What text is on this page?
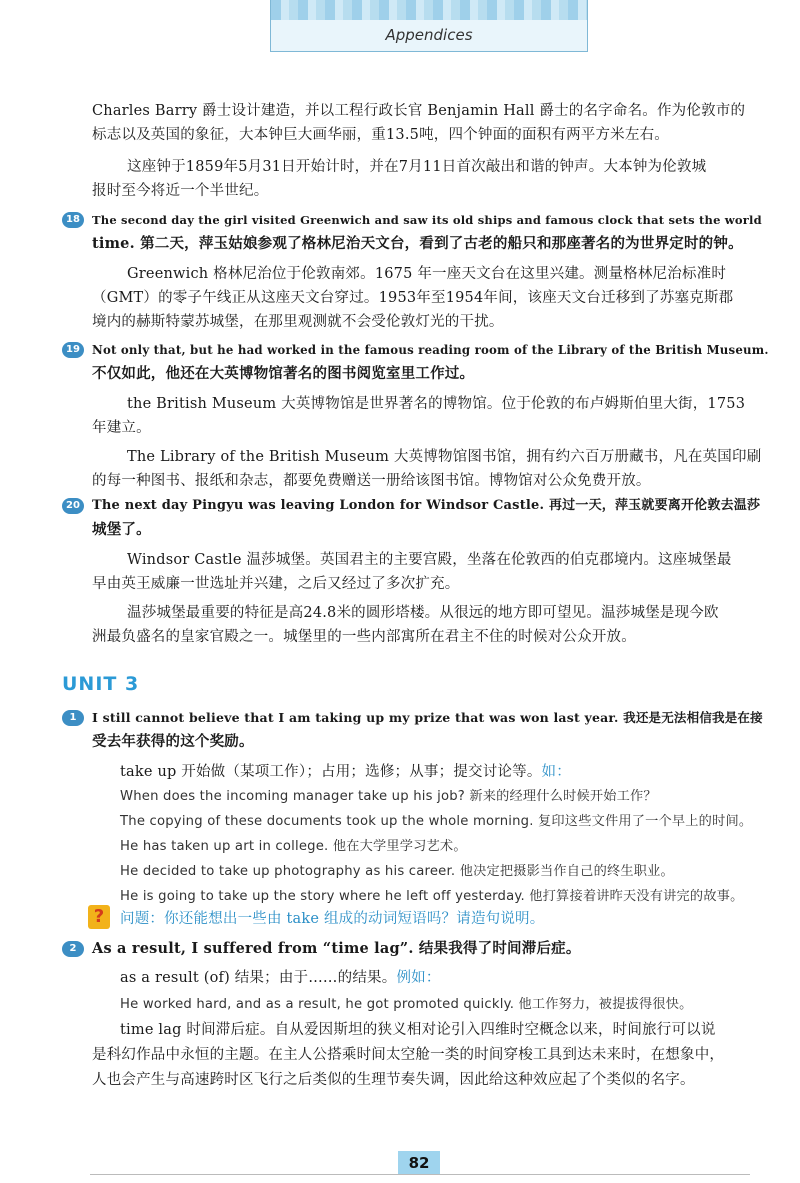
Appendices
Charles Barry 爵士设计建造，并以工程行政长官 Benjamin Hall 爵士的名字命名。作为伦敦市的
标志以及英国的象征，大本钟巨大画华丽，重13.5吨，四个钟面的面积有两平方米左右。
这座钟于1859年5月31日开始计时，并在7月11日首次敲出和谐的钟声。大本钟为伦敦城
报时至今将近一个半世纪。
18	The second day the girl visited Greenwich and saw its old ships and famous clock that sets the world
time. 第二天，萍玉姑娘参观了格林尼治天文台，看到了古老的船只和那座著名的为世界定时的钟。
Greenwich 格林尼治位于伦敦南郊。1675 年一座天文台在这里兴建。测量格林尼治标准时
（GMT）的零子午线正从这座天文台穿过。1953年至1954年间，该座天文台迁移到了苏塞克斯郡
境内的赫斯特蒙苏城堡，在那里观测就不会受伦敦灯光的干扰。
19	Not only that, but he had worked in the famous reading room of the Library of the British Museum.
不仅如此，他还在大英博物馆著名的图书阅览室里工作过。
the British Museum 大英博物馆是世界著名的博物馆。位于伦敦的布卢姆斯伯里大街，1753
年建立。
The Library of the British Museum 大英博物馆图书馆，拥有约六百万册藏书，凡在英国印刷
的每一种图书、报纸和杂志，都要免费赠送一册给该图书馆。博物馆对公众免费开放。
20 The next day Pingyu was leaving London for Windsor Castle. 再过一天，萍玉就要离开伦敦去温莎
城堡了。
Windsor Castle 温莎城堡。英国君主的主要宫殿，坐落在伦敦西的伯克郡境内。这座城堡最
早由英王威廉一世选址并兴建，之后又经过了多次扩充。
温莎城堡最重要的特征是高24.8米的圆形塔楼。从很远的地方即可望见。温莎城堡是现今欧
洲最负盛名的皇家官殿之一。城堡里的一些内部寓所在君主不住的时候对公众开放。
UNIT 3
1	I still cannot believe that I am taking up my prize that was won last year. 我还是无法相信我是在接
受去年获得的这个奖励。
take up 开始做（某项工作）；占用；选修；从事；提交讨论等。如：
When does the incoming manager take up his job? 新来的经理什么时候开始工作？
The copying of these documents took up the whole morning. 复印这些文件用了一个早上的时间。
He has taken up art in college. 他在大学里学习艺术。
He decided to take up photography as his career. 他决定把摄影当作自己的终生职业。
He is going to take up the story where he left off yesterday. 他打算接着讲昨天没有讲完的故事。
?	问题：你还能想出一些由 take 组成的动词短语吗？请造句说明。
2	As a result, I suffered from “time lag”. 结果我得了时间滞后症。
as a result (of) 结果；由于……的结果。例如：
He worked hard, and as a result, he got promoted quickly. 他工作努力，被提拔得很快。
time lag 时间滞后症。自从爱因斯坦的狭义相对论引入四维时空概念以来，时间旅行可以说
是科幻作品中永恒的主题。在主人公搭乘时间太空舱一类的时间穿梭工具到达未来时，在想象中，
人也会产生与高速跨时区飞行之后类似的生理节奏失调，因此给这种效应起了个类似的名字。
82
